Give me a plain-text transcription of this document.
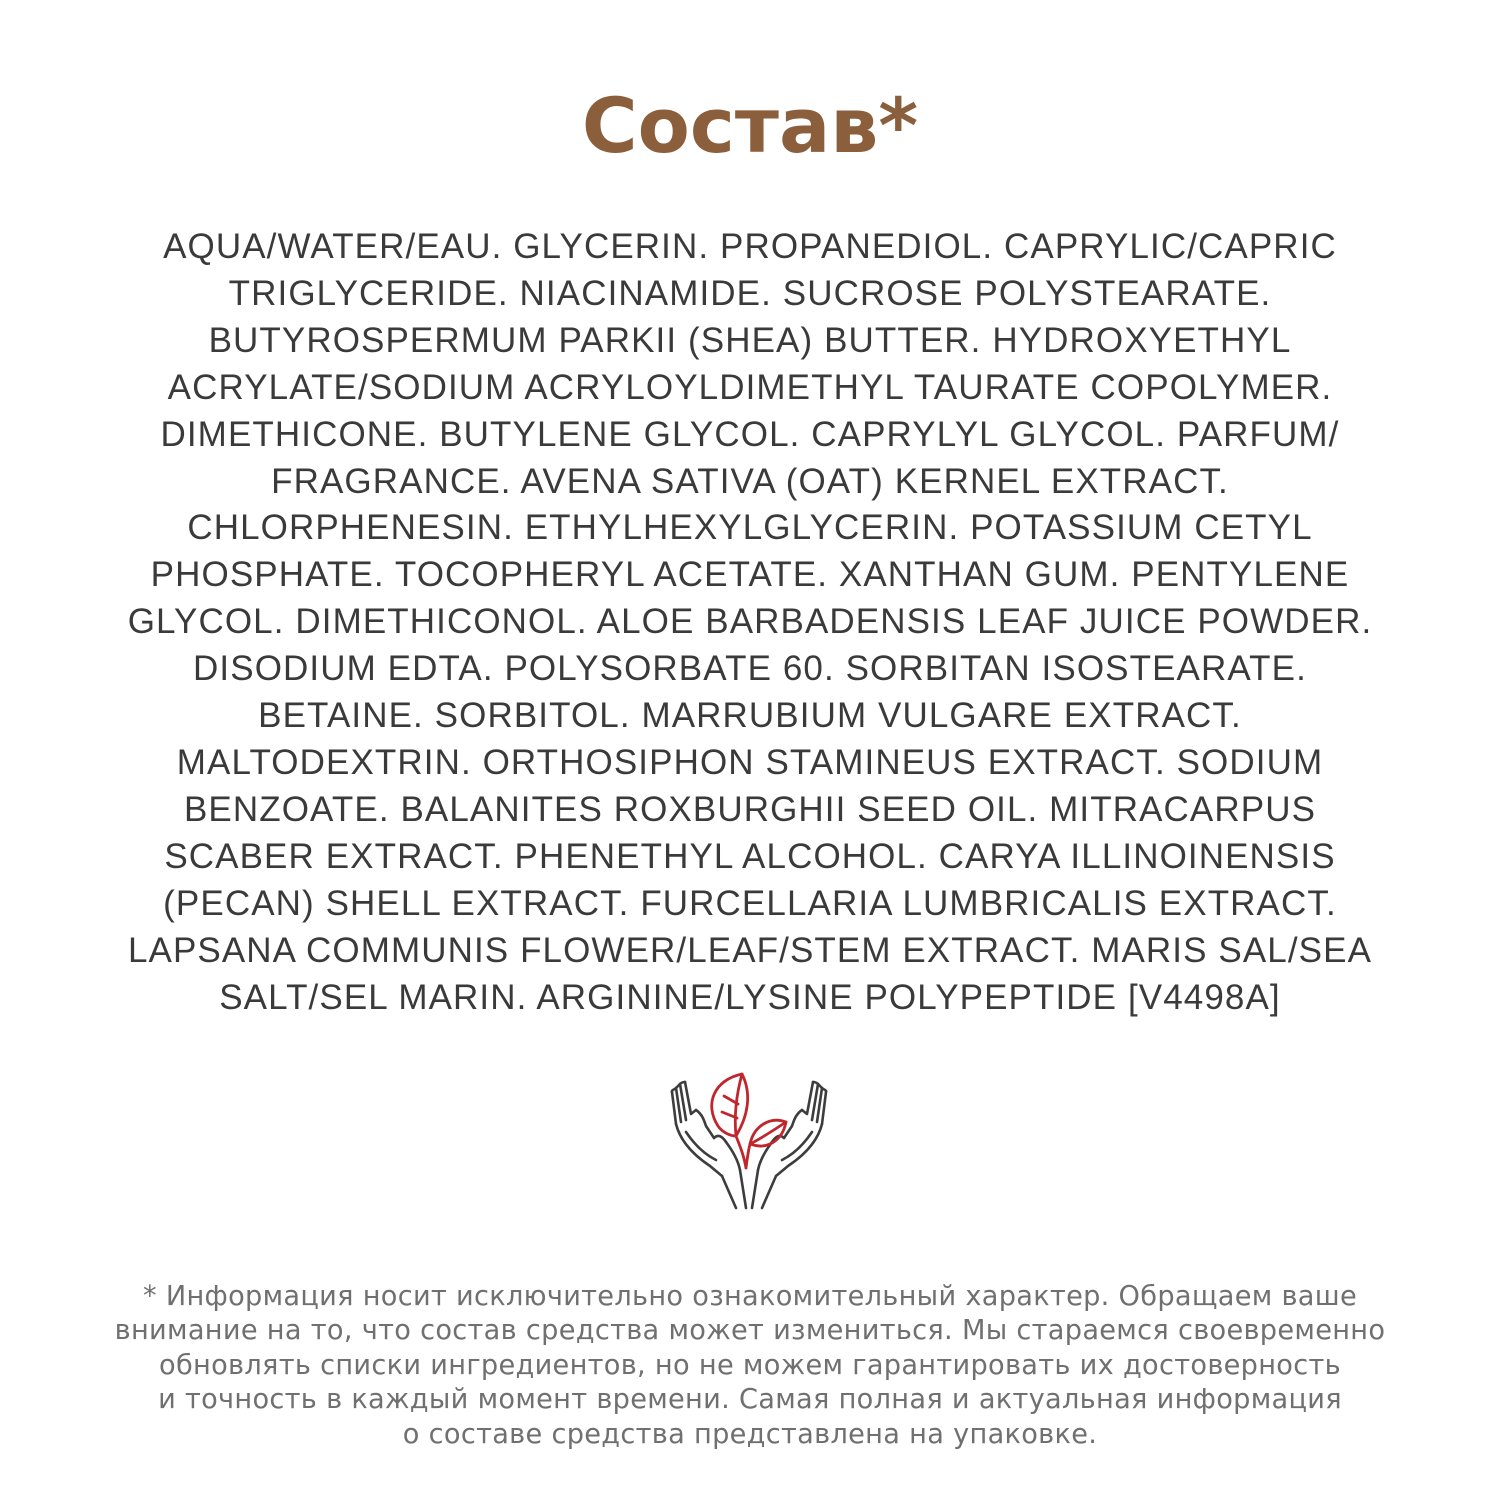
Состав*
AQUA/WATER/EAU. GLYCERIN. PROPANEDIOL. CAPRYLIC/CAPRIC
TRIGLYCERIDE. NIACINAMIDE. SUCROSE POLYSTEARATE.
BUTYROSPERMUM PARKII (SHEA) BUTTER. HYDROXYETHYL
ACRYLATE/SODIUM ACRYLOYLDIMETHYL TAURATE COPOLYMER.
DIMETHICONE. BUTYLENE GLYCOL. CAPRYLYL GLYCOL. PARFUM/
FRAGRANCE. AVENA SATIVA (OAT) KERNEL EXTRACT.
CHLORPHENESIN. ETHYLHEXYLGLYCERIN. POTASSIUM CETYL
PHOSPHATE. TOCOPHERYL ACETATE. XANTHAN GUM. PENTYLENE
GLYCOL. DIMETHICONOL. ALOE BARBADENSIS LEAF JUICE POWDER.
DISODIUM EDTA. POLYSORBATE 60. SORBITAN ISOSTEARATE.
BETAINE. SORBITOL. MARRUBIUM VULGARE EXTRACT.
MALTODEXTRIN. ORTHOSIPHON STAMINEUS EXTRACT. SODIUM
BENZOATE. BALANITES ROXBURGHII SEED OIL. MITRACARPUS
SCABER EXTRACT. PHENETHYL ALCOHOL. CARYA ILLINOINENSIS
(PECAN) SHELL EXTRACT. FURCELLARIA LUMBRICALIS EXTRACT.
LAPSANA COMMUNIS FLOWER/LEAF/STEM EXTRACT. MARIS SAL/SEA
SALT/SEL MARIN. ARGININE/LYSINE POLYPEPTIDE [V4498A]
* Информация носит исключительно ознакомительный характер. Обращаем ваше
внимание на то, что состав средства может измениться. Мы стараемся своевременно
обновлять списки ингредиентов, но не можем гарантировать их достоверность
и точность в каждый момент времени. Самая полная и актуальная информация
о составе средства представлена на упаковке.
